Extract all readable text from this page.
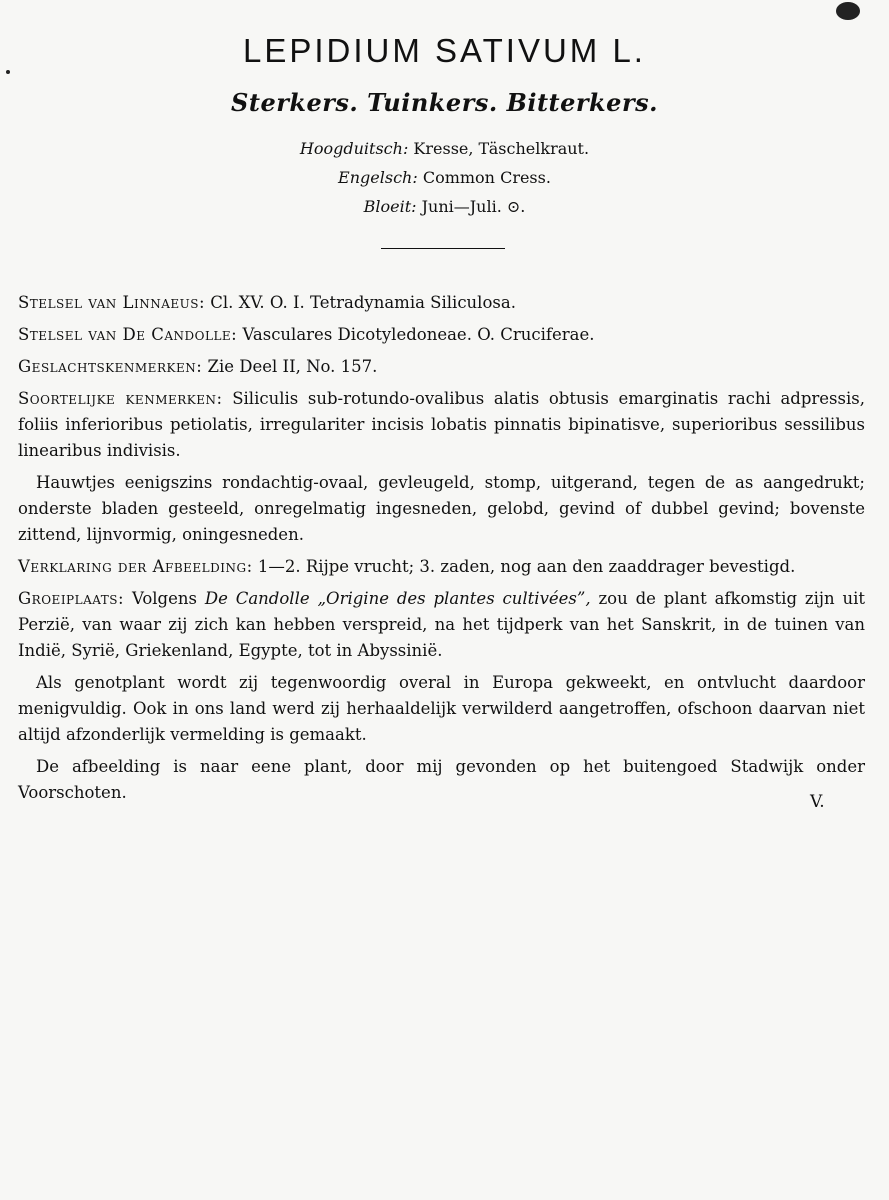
LEPIDIUM SATIVUM L.
Sterkers. Tuinkers. Bitterkers.
Hoogduitsch: Kresse, Täschelkraut.
Engelsch: Common Cress.
Bloeit: Juni—Juli. ⊙.

Stelsel van Linnaeus: Cl. XV. O. I. Tetradynamia Siliculosa.

Stelsel van De Candolle: Vasculares Dicotyledoneae. O. Cruciferae.

Geslachtskenmerken: Zie Deel II, No. 157.

Soortelijke kenmerken: Siliculis sub-rotundo-ovalibus alatis obtusis emarginatis rachi adpressis, foliis inferioribus petiolatis, irregulariter incisis lobatis pinnatis bipinatisve, superioribus sessilibus linearibus indivisis.

Hauwtjes eenigszins rondachtig-ovaal, gevleugeld, stomp, uitgerand, tegen de as aangedrukt; onderste bladen gesteeld, onregelmatig ingesneden, gelobd, gevind of dubbel gevind; bovenste zittend, lijnvormig, oningesneden.

Verklaring der Afbeelding: 1—2. Rijpe vrucht; 3. zaden, nog aan den zaaddrager bevestigd.

Groeiplaats: Volgens De Candolle „Origine des plantes cultivées”, zou de plant afkomstig zijn uit Perzië, van waar zij zich kan hebben verspreid, na het tijdperk van het Sanskrit, in de tuinen van Indië, Syrië, Griekenland, Egypte, tot in Abyssinië.

Als genotplant wordt zij tegenwoordig overal in Europa gekweekt, en ontvlucht daardoor menigvuldig. Ook in ons land werd zij herhaaldelijk verwilderd aangetroffen, ofschoon daarvan niet altijd afzonderlijk vermelding is gemaakt.

De afbeelding is naar eene plant, door mij gevonden op het buitengoed Stadwijk onder Voorschoten.	V.
